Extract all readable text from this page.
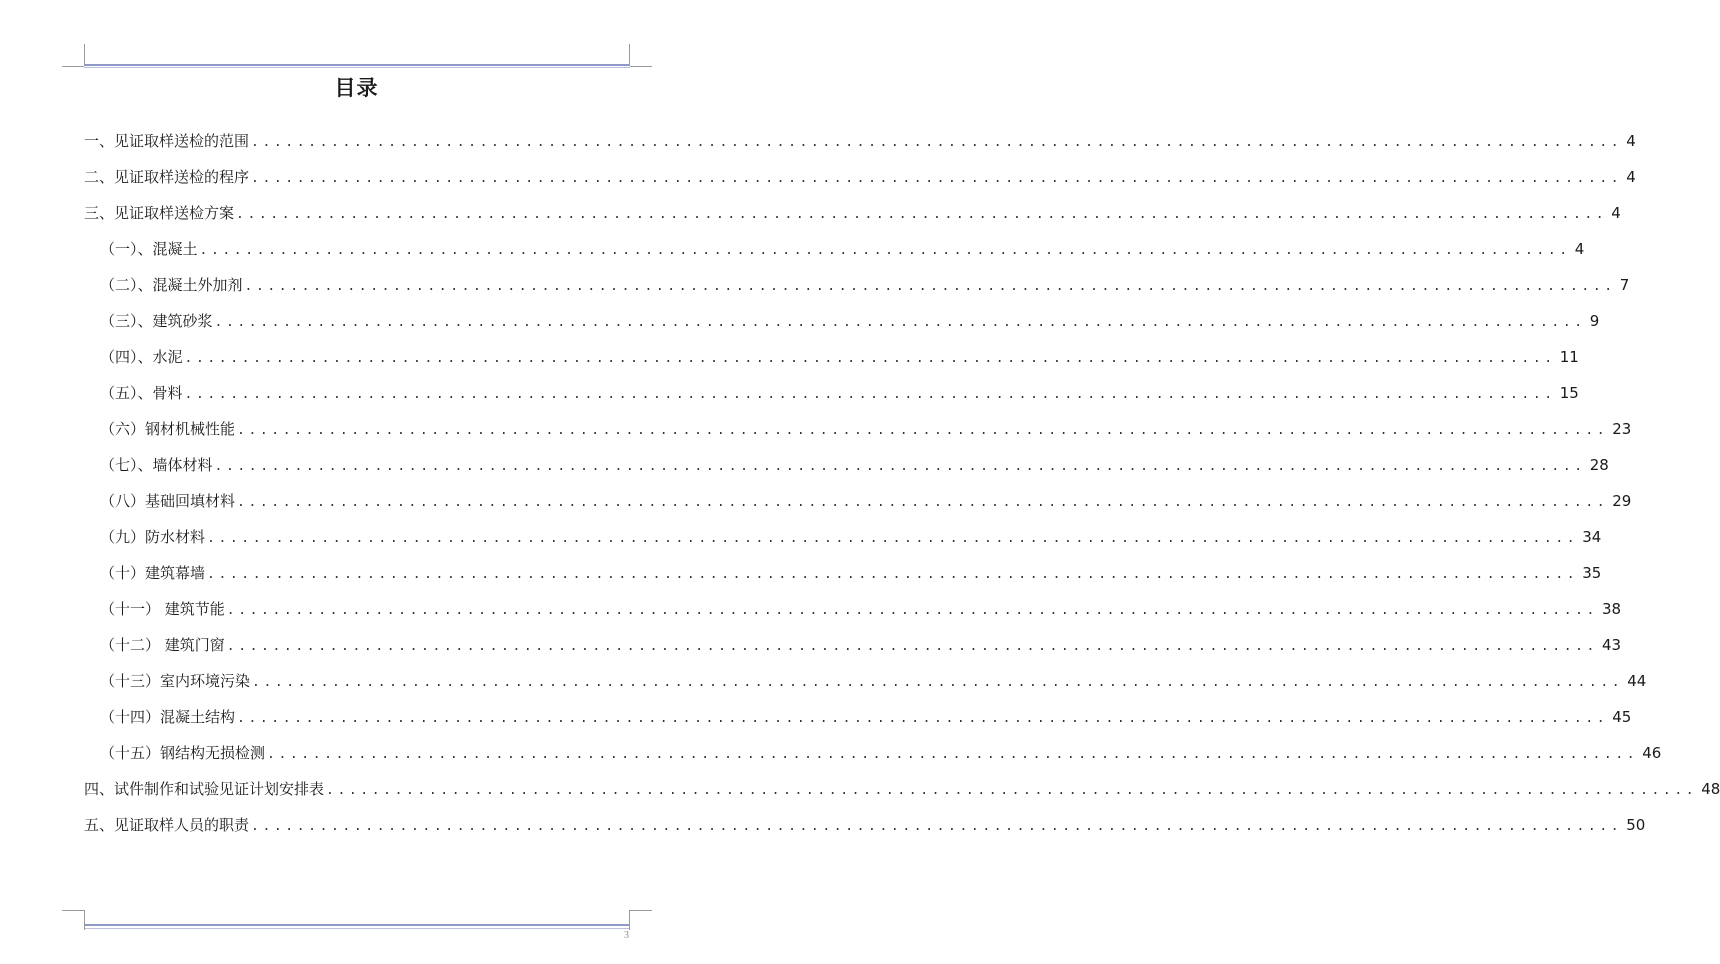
目录
一、 见证取样送检的范围 ........................................................................................................................ 4
二、 见证取样送检的程序 ........................................................................................................................ 4
三、 见证取样送检方案 ........................................................................................................................ 4
（一）、混凝土 ........................................................................................................................ 4
（二）、混凝土外加剂 ........................................................................................................................ 7
（三）、建筑砂浆 ........................................................................................................................ 9
（四）、水泥 ........................................................................................................................ 11
（五）、骨料 ........................................................................................................................ 15
（六）钢材机械性能 ........................................................................................................................ 23
（七）、墙体材料 ........................................................................................................................ 28
（八）基础回填材料 ........................................................................................................................ 29
（九）防水材料 ........................................................................................................................ 34
（十）建筑幕墙 ........................................................................................................................ 35
（十一） 建筑节能 ........................................................................................................................ 38
（十二） 建筑门窗 ........................................................................................................................ 43
（十三）室内环境污染 ........................................................................................................................ 44
（十四）混凝土结构 ........................................................................................................................ 45
（十五）钢结构无损检测 ........................................................................................................................ 46
四、试件制作和试验见证计划安排表 ........................................................................................................................ 48
五、见证取样人员的职责 ........................................................................................................................ 50
3
